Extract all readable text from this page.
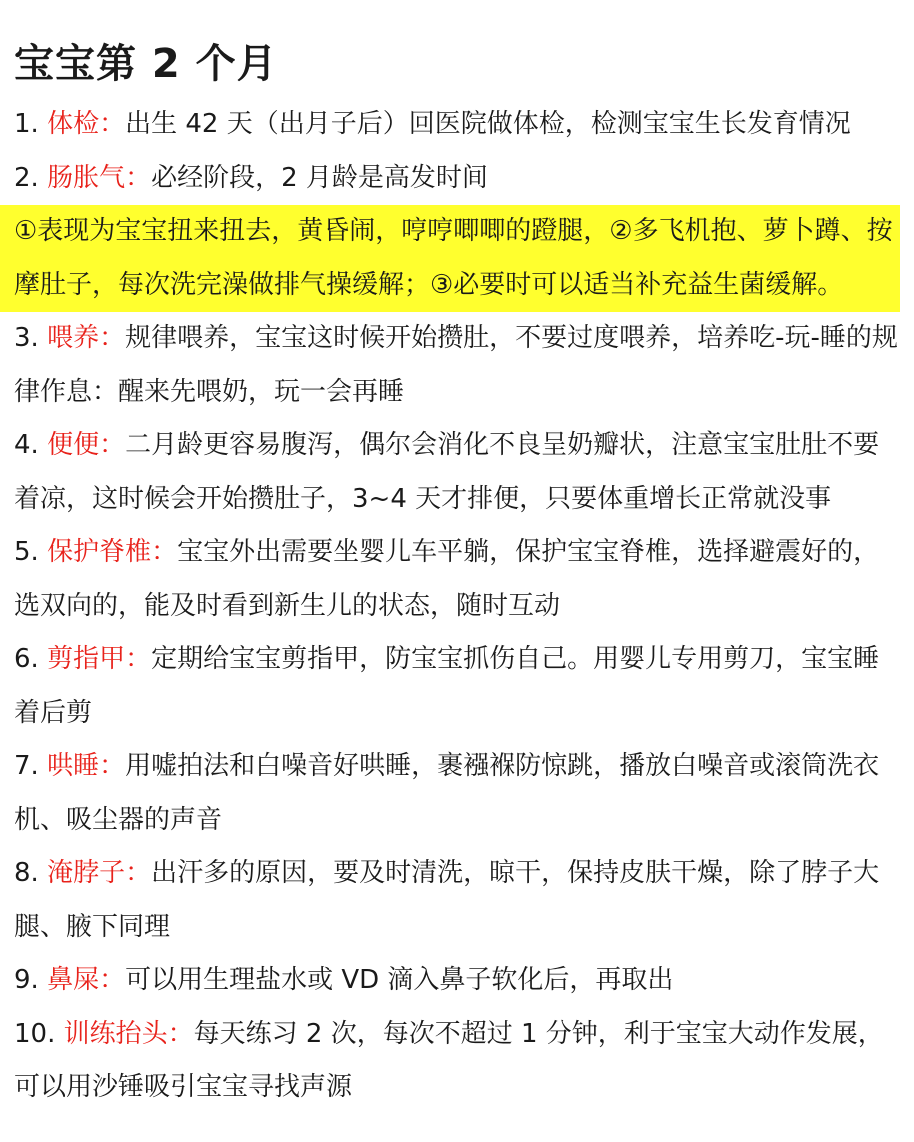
宝宝第 2 个月

1. 体检：出生 42 天（出月子后）回医院做体检，检测宝宝生长发育情况

2. 肠胀气：必经阶段，2 月龄是高发时间

①表现为宝宝扭来扭去，黄昏闹，哼哼唧唧的蹬腿，②多飞机抱、萝卜蹲、按摩肚子，每次洗完澡做排气操缓解；③必要时可以适当补充益生菌缓解。

3. 喂养：规律喂养，宝宝这时候开始攒肚，不要过度喂养，培养吃-玩-睡的规律作息：醒来先喂奶，玩一会再睡

4. 便便：二月龄更容易腹泻，偶尔会消化不良呈奶瓣状，注意宝宝肚肚不要着凉，这时候会开始攒肚子，3~4 天才排便，只要体重增长正常就没事

5. 保护脊椎：宝宝外出需要坐婴儿车平躺，保护宝宝脊椎，选择避震好的，选双向的，能及时看到新生儿的状态，随时互动

6. 剪指甲：定期给宝宝剪指甲，防宝宝抓伤自己。用婴儿专用剪刀，宝宝睡着后剪

7. 哄睡：用嘘拍法和白噪音好哄睡，裹襁褓防惊跳，播放白噪音或滚筒洗衣机、吸尘器的声音

8. 淹脖子：出汗多的原因，要及时清洗，晾干，保持皮肤干燥，除了脖子大腿、腋下同理

9. 鼻屎：可以用生理盐水或 VD 滴入鼻子软化后，再取出

10. 训练抬头：每天练习 2 次，每次不超过 1 分钟，利于宝宝大动作发展，可以用沙锤吸引宝宝寻找声源
